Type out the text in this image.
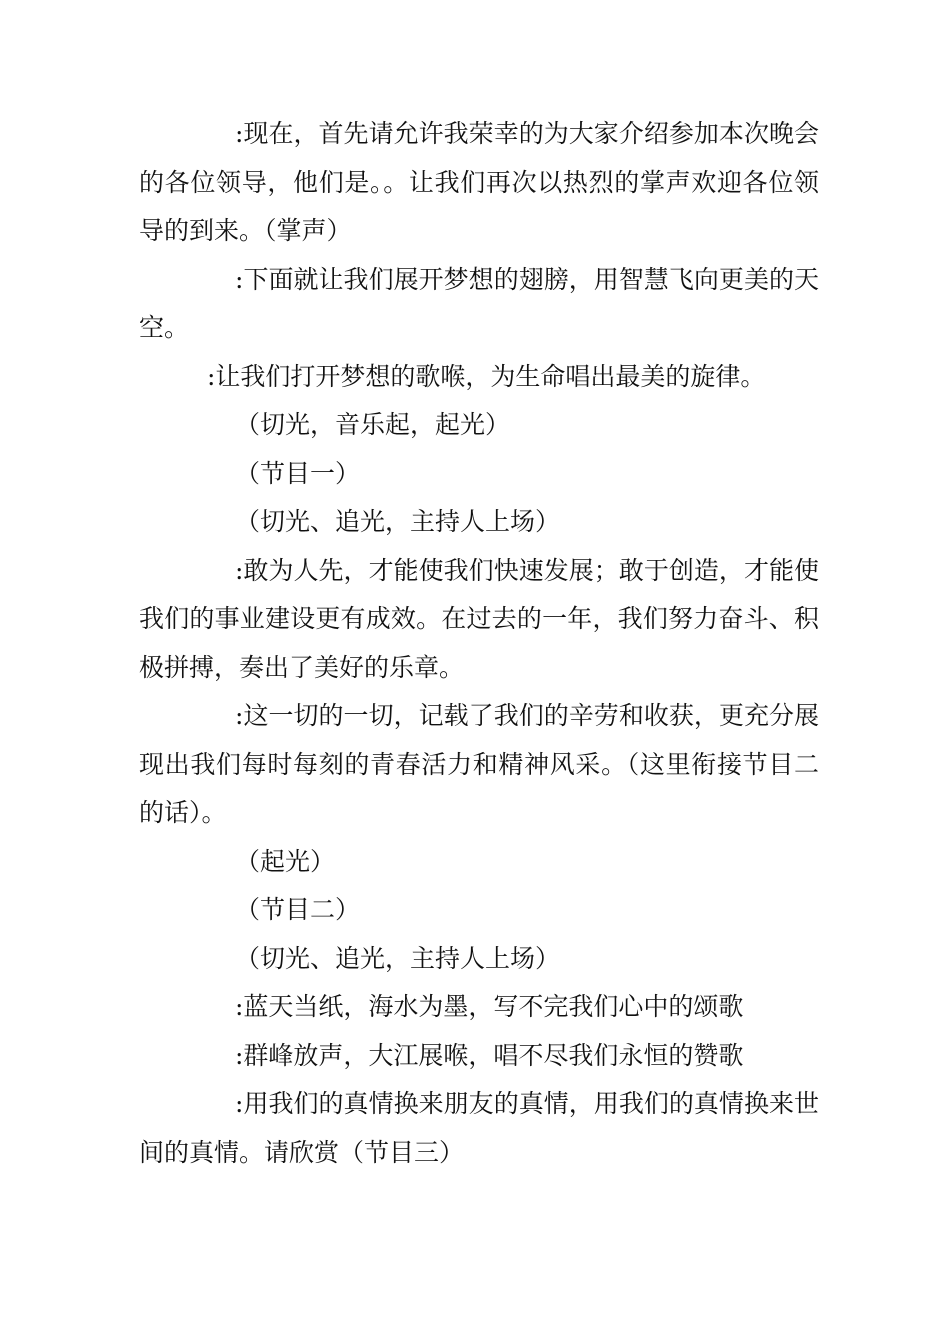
:现在，首先请允许我荣幸的为大家介绍参加本次晚会的各位领导，他们是。。让我们再次以热烈的掌声欢迎各位领导的到来。（掌声）

:下面就让我们展开梦想的翅膀，用智慧飞向更美的天空。

:让我们打开梦想的歌喉，为生命唱出最美的旋律。

（切光，音乐起，起光）

（节目一）

（切光、追光，主持人上场）

:敢为人先，才能使我们快速发展；敢于创造，才能使我们的事业建设更有成效。在过去的一年，我们努力奋斗、积极拼搏，奏出了美好的乐章。

:这一切的一切，记载了我们的辛劳和收获，更充分展现出我们每时每刻的青春活力和精神风采。（这里衔接节目二的话）。

（起光）

（节目二）

（切光、追光，主持人上场）

:蓝天当纸，海水为墨，写不完我们心中的颂歌

:群峰放声，大江展喉，唱不尽我们永恒的赞歌

:用我们的真情换来朋友的真情，用我们的真情换来世间的真情。请欣赏（节目三）
